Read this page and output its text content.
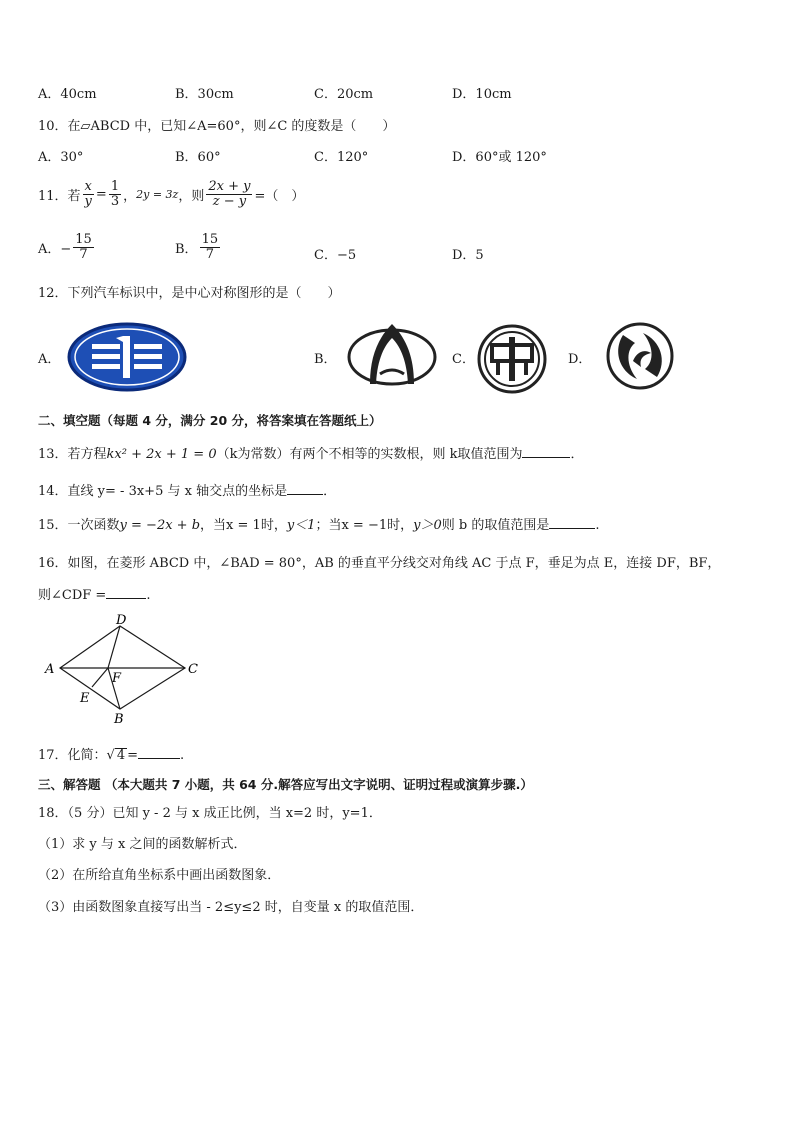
A．40cm	B．30cm	C．20cm	D．10cm
10．在▱ABCD 中，已知∠A=60°，则∠C 的度数是（　　）
A．30°	B．60°	C．120°	D．60°或 120°
11．若 $\frac{x}{y} = \frac{1}{3}$ ， 2y = 3z ，则 $\frac{2x + y}{z - y}$ =（　）
A．− $\frac{15}{7}$	B． $\frac{15}{7}$	C．−5	D．5
12．下列汽车标识中，是中心对称图形的是（　　）
A．	B．	C．	D．
二、填空题（每题 4 分，满分 20 分，将答案填在答题纸上）
13．若方程kx² + 2x + 1 = 0（k为常数）有两个不相等的实数根，则 k取值范围为	．
14．直线 y= - 3x+5 与 x 轴交点的坐标是	．
15．一次函数y = −2x + b，当x = 1时，y＜1；当x = −1时，y＞0则 b 的取值范围是	.
16．如图，在菱形 ABCD 中，∠BAD = 80°，AB 的垂直平分线交对角线 AC 于点 F，垂足为点 E，连接 DF，BF，
则∠CDF =	.
D
A	C
F
E
B
17．化简：√ 4 =	.
三、解答题 （本大题共 7 小题，共 64 分.解答应写出文字说明、证明过程或演算步骤.）
18．（5 分）已知 y - 2 与 x 成正比例，当 x=2 时，y=1．
（1）求 y 与 x 之间的函数解析式．
（2）在所给直角坐标系中画出函数图象．
（3）由函数图象直接写出当 - 2≤y≤2 时，自变量 x 的取值范围．
